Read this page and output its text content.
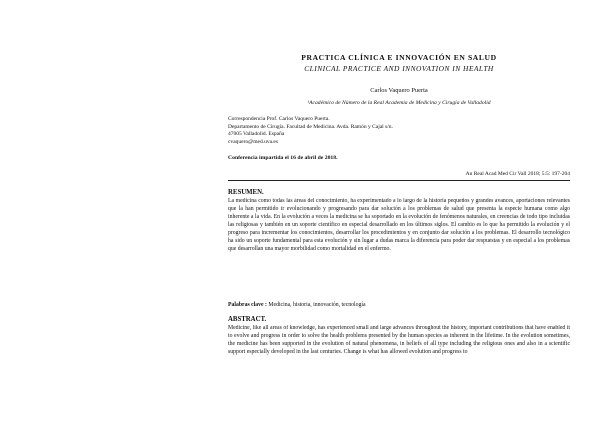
PRACTICA CLÍNICA E INNOVACIÓN EN SALUD
CLINICAL PRACTICE AND INNOVATION IN HEALTH
Carlos Vaquero Puerta
¹Académico de Número de la Real Academia de Medicina y Cirugía de Valladolid
Correspondencia Prof. Carlos Vaquero Puerta.
Departamento de Cirugía. Facultad de Medicina. Avda. Ramón y Cajal s/n.
47005 Valladolid. España
cvaquero@med.uva.es
Conferencia impartida el 16 de abril de 2018.
An Real Acad Med Cir Vall 2018; 5:5: 197-204
RESUMEN.
La medicina como todas las áreas del conocimiento, ha experimentado a lo largo de la historia pequeños y grandes avances, aportaciones relevantes que la han permitido ir evolucionando y progresando para dar solución a los problemas de salud que presenta la especie humana como algo inherente a la vida. En la evolución a veces la medicina se ha soportado en la evolución de fenómenos naturales, en creencias de todo tipo incluidas las religiosas y también en un soporte científico en especial desarrollado en los últimos siglos. El cambio es lo que ha permitido la evolución y el progreso para incrementar los conocimientos, desarrollar los procedimientos y en conjunto dar solución a los problemas. El desarrollo tecnológico ha sido un soporte fundamental para esta evolución y sin lugar a dudas marca la diferencia para poder dar respuestas y en especial a los problemas que desarrollan una mayor morbilidad como mortalidad en el enfermo.
Palabras clave : Medicina, historia, innovación, tecnología
ABSTRACT.
Medicine, like all areas of knowledge, has experienced small and large advances throughout the history, important contributions that have enabled it to evolve and progress in order to solve the health problems presented by the human species as inherent in the lifetime. In the evolution sometimes, the medicine has been supported in the evolution of natural phenomena, in beliefs of all type including the religious ones and also in a scientific support especially developed in the last centuries. Change is what has allowed evolution and progress to
